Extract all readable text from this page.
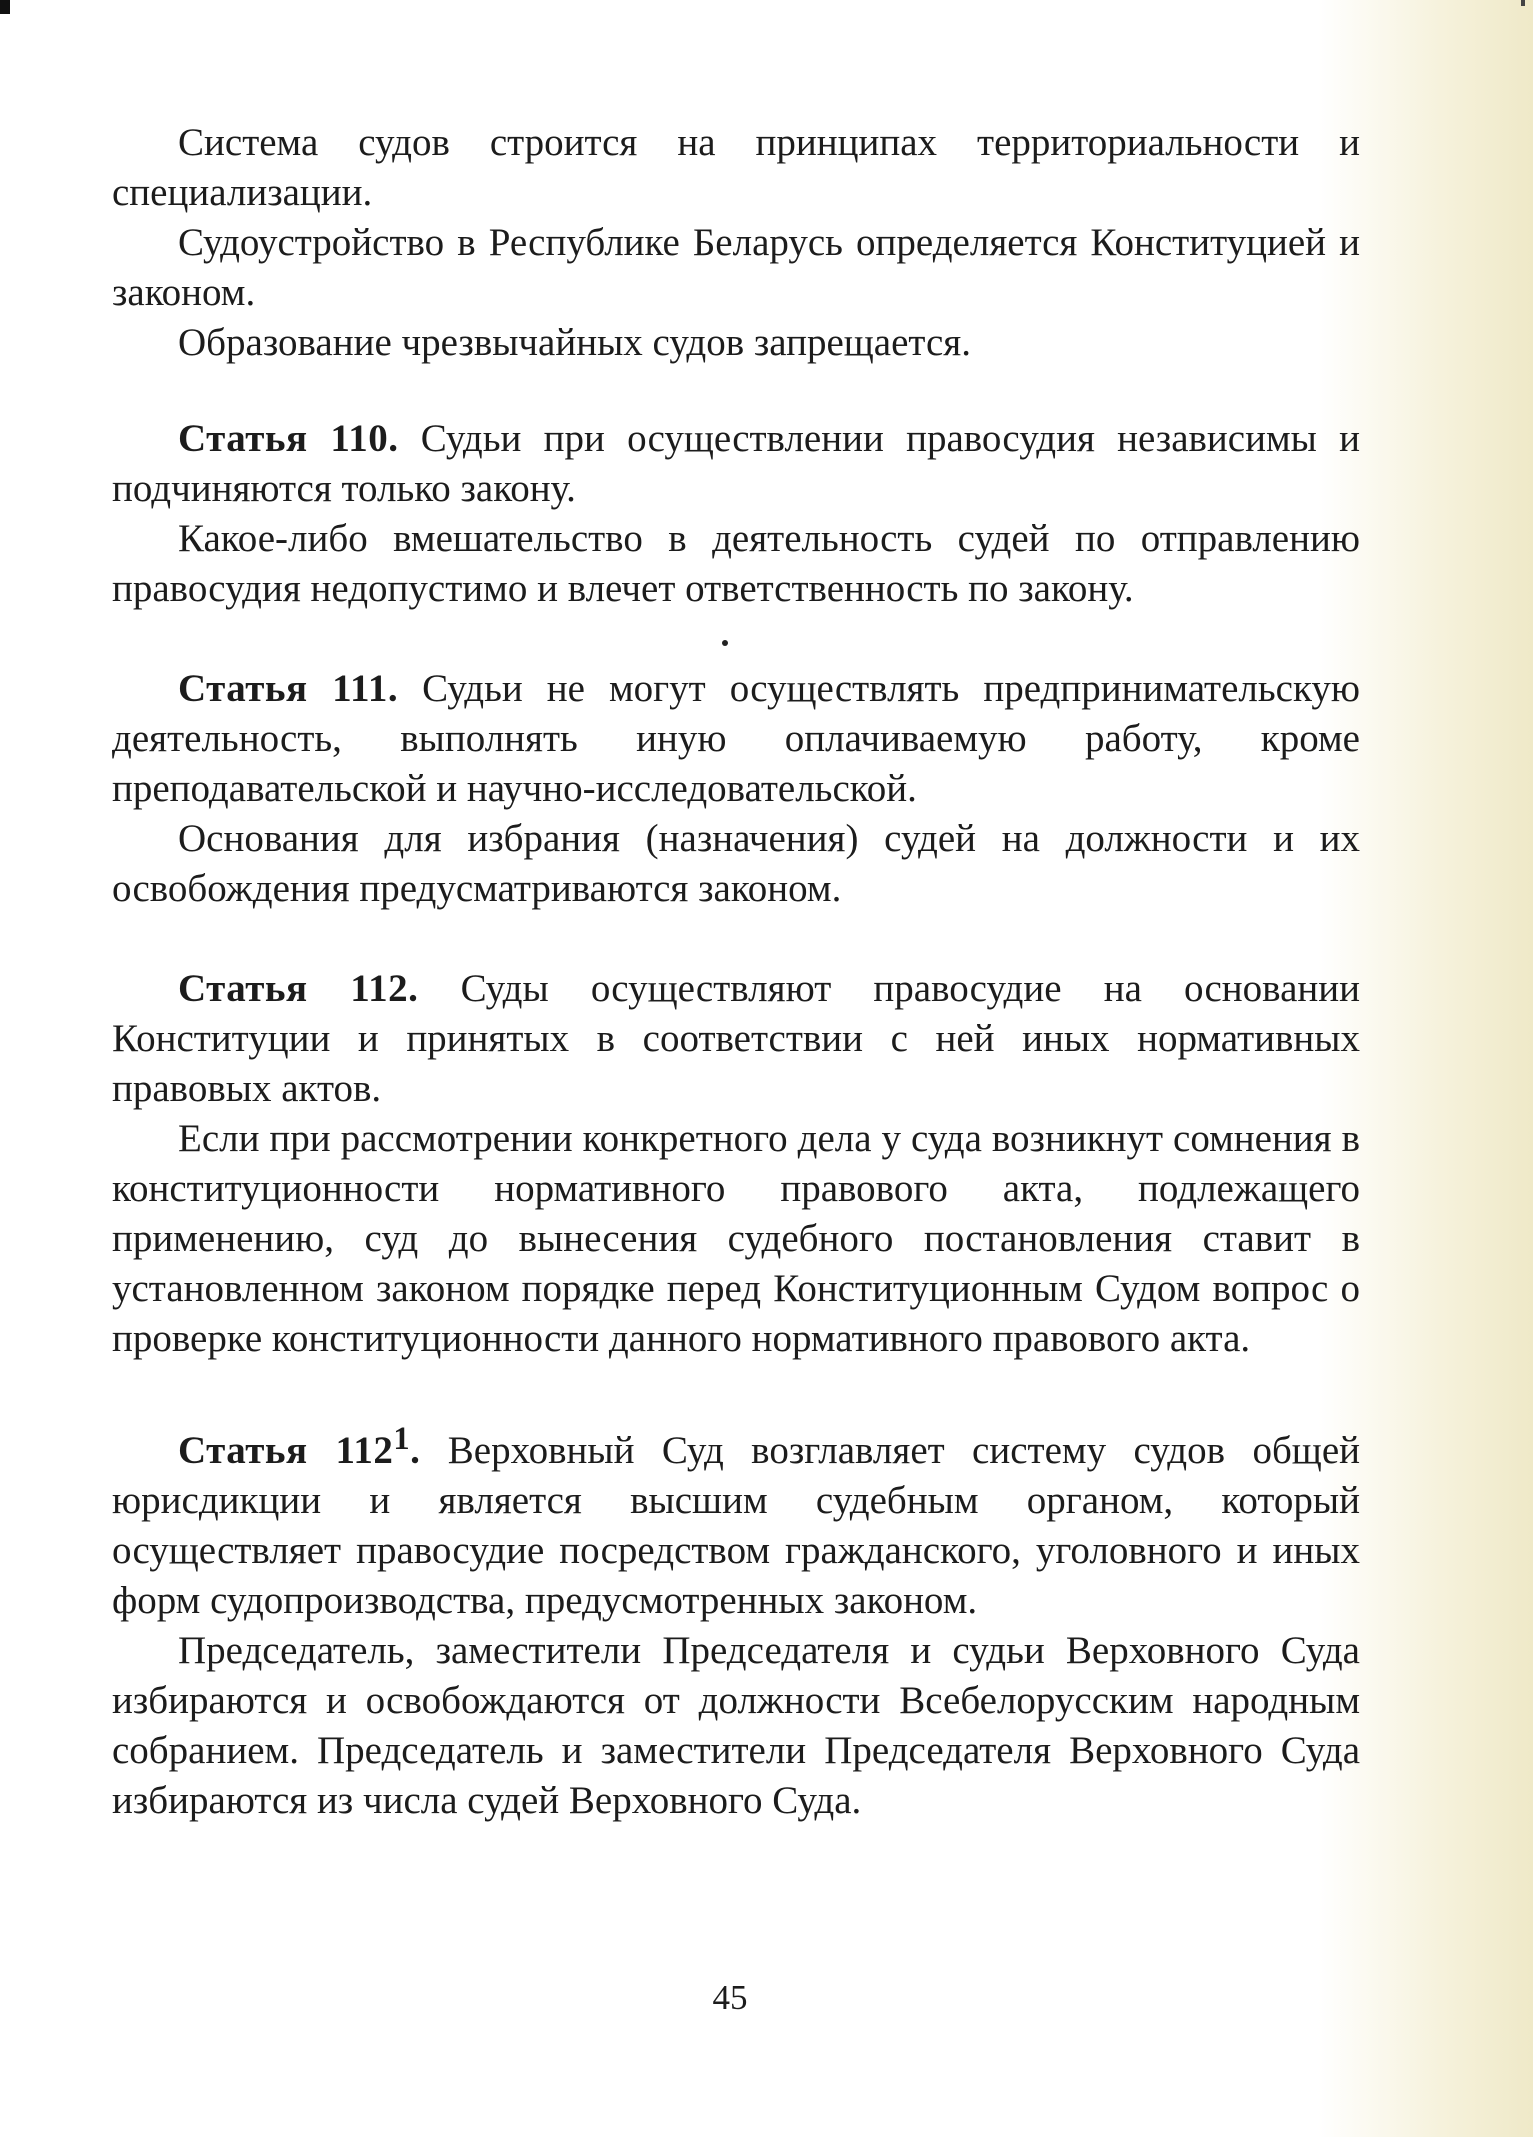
Система судов строится на принципах территориальности и специализации.

Судоустройство в Республике Беларусь определяется Конституцией и законом.

Образование чрезвычайных судов запрещается.

Статья 110. Судьи при осуществлении правосудия независимы и подчиняются только закону.

Какое-либо вмешательство в деятельность судей по отправлению правосудия недопустимо и влечет ответственность по закону.

Статья 111. Судьи не могут осуществлять предпринимательскую деятельность, выполнять иную оплачиваемую работу, кроме преподавательской и научно-исследовательской.

Основания для избрания (назначения) судей на должности и их освобождения предусматриваются законом.

Статья 112. Суды осуществляют правосудие на основании Конституции и принятых в соответствии с ней иных нормативных правовых актов.

Если при рассмотрении конкретного дела у суда возникнут сомнения в конституционности нормативного правового акта, подлежащего применению, суд до вынесения судебного постановления ставит в установленном законом порядке перед Конституционным Судом вопрос о проверке конституционности данного нормативного правового акта.

Статья $112^1$. Верховный Суд возглавляет систему судов общей юрисдикции и является высшим судебным органом, который осуществляет правосудие посредством гражданского, уголовного и иных форм судопроизводства, предусмотренных законом.

Председатель, заместители Председателя и судьи Верховного Суда избираются и освобождаются от должности Всебелорусским народным собранием. Председатель и заместители Председателя Верховного Суда избираются из числа судей Верховного Суда.

45
